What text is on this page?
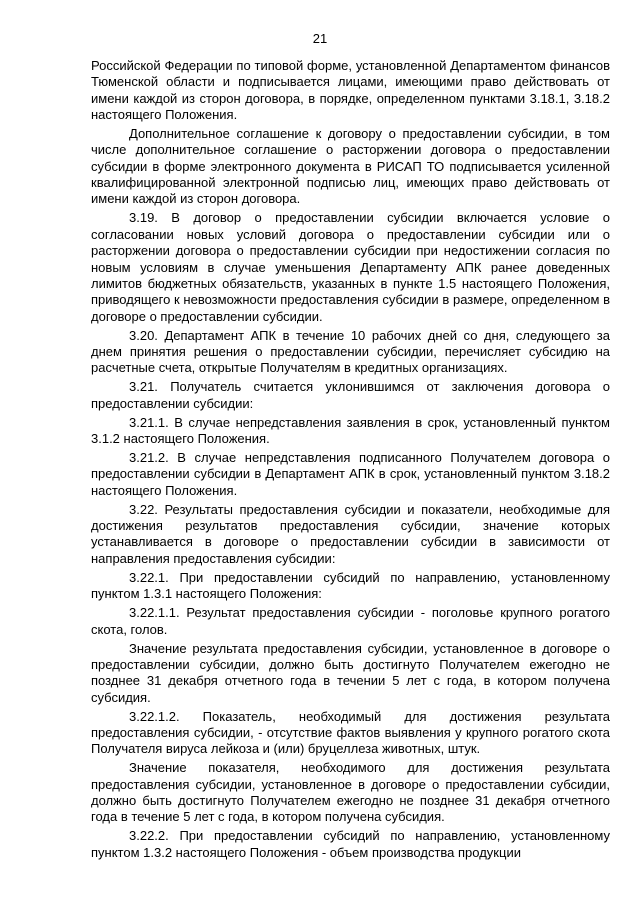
21

Российской Федерации по типовой форме, установленной Департаментом финансов Тюменской области и подписывается лицами, имеющими право действовать от имени каждой из сторон договора, в порядке, определенном пунктами 3.18.1, 3.18.2 настоящего Положения.

Дополнительное соглашение к договору о предоставлении субсидии, в том числе дополнительное соглашение о расторжении договора о предоставлении субсидии в форме электронного документа в РИСАП ТО подписывается усиленной квалифицированной электронной подписью лиц, имеющих право действовать от имени каждой из сторон договора.

3.19. В договор о предоставлении субсидии включается условие о согласовании новых условий договора о предоставлении субсидии или о расторжении договора о предоставлении субсидии при недостижении согласия по новым условиям в случае уменьшения Департаменту АПК ранее доведенных лимитов бюджетных обязательств, указанных в пункте 1.5 настоящего Положения, приводящего к невозможности предоставления субсидии в размере, определенном в договоре о предоставлении субсидии.

3.20. Департамент АПК в течение 10 рабочих дней со дня, следующего за днем принятия решения о предоставлении субсидии, перечисляет субсидию на расчетные счета, открытые Получателям в кредитных организациях.

3.21. Получатель считается уклонившимся от заключения договора о предоставлении субсидии:

3.21.1. В случае непредставления заявления в срок, установленный пунктом 3.1.2 настоящего Положения.

3.21.2. В случае непредставления подписанного Получателем договора о предоставлении субсидии в Департамент АПК в срок, установленный пунктом 3.18.2 настоящего Положения.

3.22. Результаты предоставления субсидии и показатели, необходимые для достижения результатов предоставления субсидии, значение которых устанавливается в договоре о предоставлении субсидии в зависимости от направления предоставления субсидии:

3.22.1. При предоставлении субсидий по направлению, установленному пунктом 1.3.1 настоящего Положения:

3.22.1.1. Результат предоставления субсидии - поголовье крупного рогатого скота, голов.

Значение результата предоставления субсидии, установленное в договоре о предоставлении субсидии, должно быть достигнуто Получателем ежегодно не позднее 31 декабря отчетного года в течении 5 лет с года, в котором получена субсидия.

3.22.1.2. Показатель, необходимый для достижения результата предоставления субсидии, - отсутствие фактов выявления у крупного рогатого скота Получателя вируса лейкоза и (или) бруцеллеза животных, штук.

Значение показателя, необходимого для достижения результата предоставления субсидии, установленное в договоре о предоставлении субсидии, должно быть достигнуто Получателем ежегодно не позднее 31 декабря отчетного года в течение 5 лет с года, в котором получена субсидия.

3.22.2. При предоставлении субсидий по направлению, установленному пунктом 1.3.2 настоящего Положения - объем производства продукции
